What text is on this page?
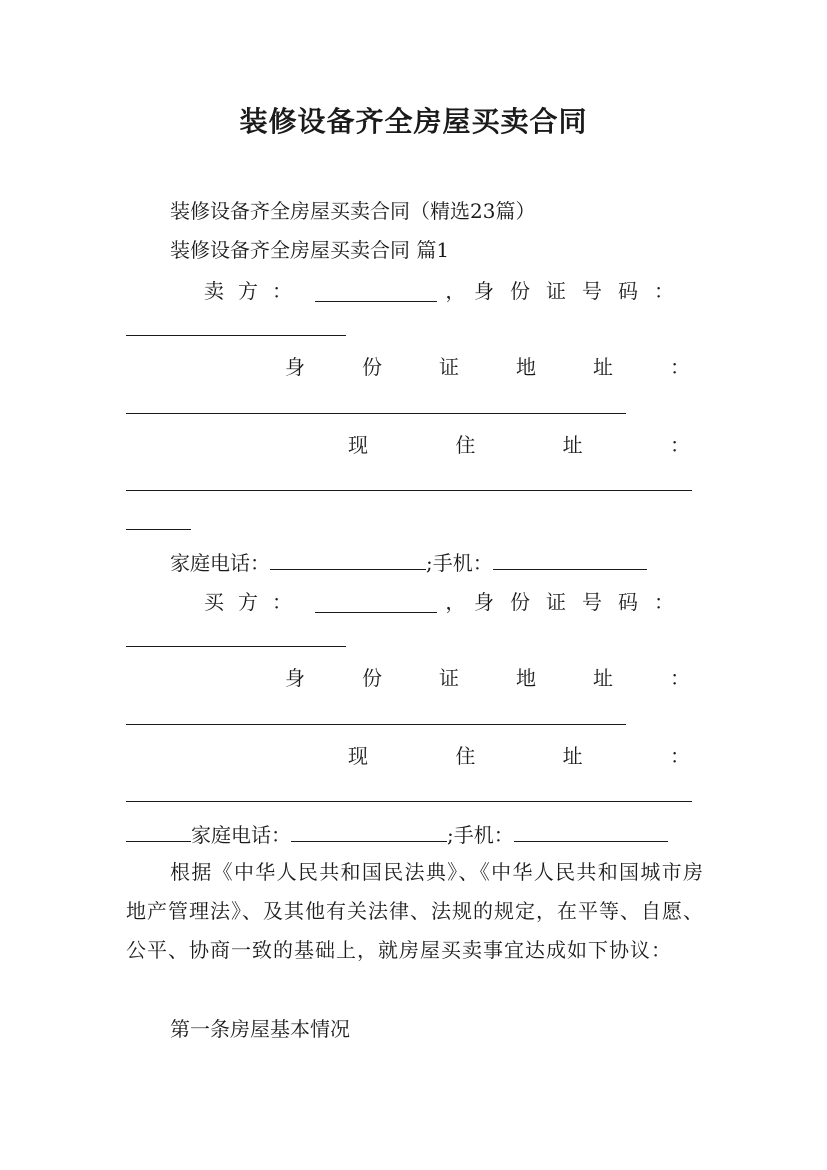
装修设备齐全房屋买卖合同
装修设备齐全房屋买卖合同（精选23篇）
装修设备齐全房屋买卖合同 篇1
卖方：	， 身份证号码：
身	份	证	地	址	：
现	住	址	：
家庭电话：	;手机：
买方：	， 身份证号码：
身	份	证	地	址	：
现	住	址	：
家庭电话：	;手机：
根据《中华人民共和国民法典》、《中华人民共和国城市房地产管理法》、及其他有关法律、法规的规定，在平等、自愿、公平、协商一致的基础上，就房屋买卖事宜达成如下协议：
第一条房屋基本情况
